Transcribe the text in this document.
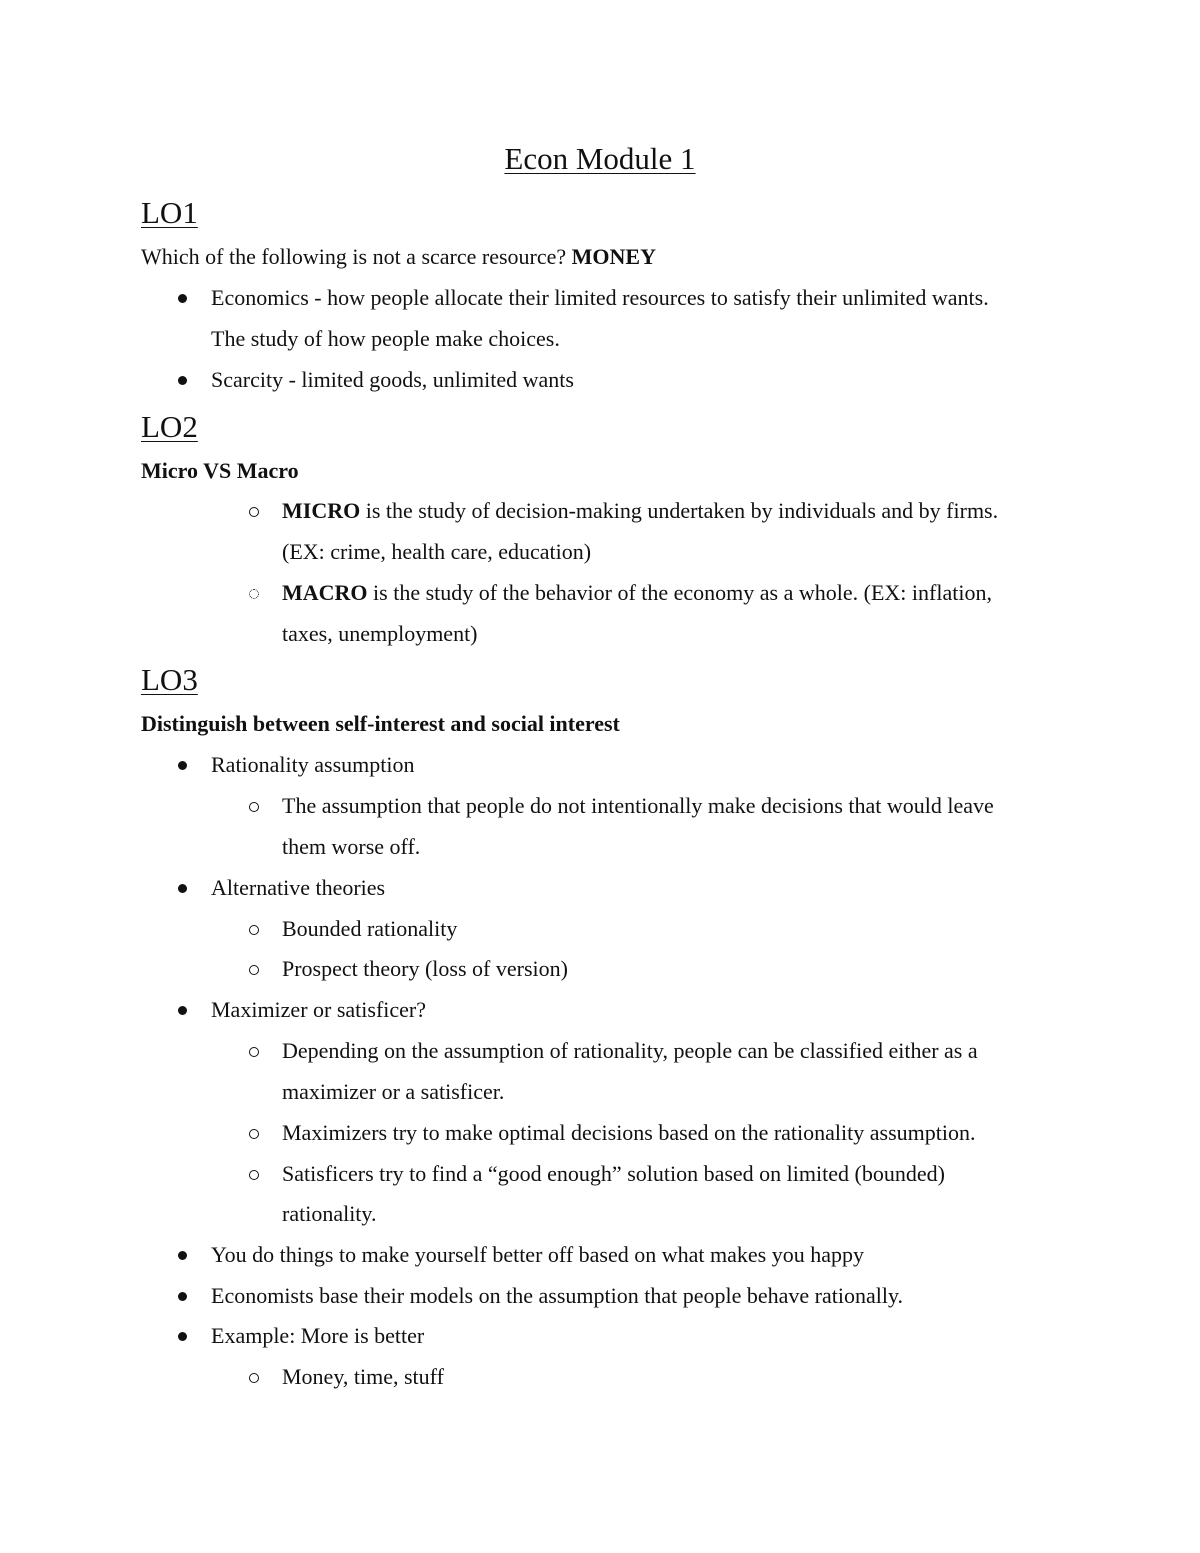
Econ Module 1
LO1
Which of the following is not a scarce resource? MONEY
Economics - how people allocate their limited resources to satisfy their unlimited wants.
The study of how people make choices.
Scarcity - limited goods, unlimited wants
LO2
Micro VS Macro
MICRO is the study of decision-making undertaken by individuals and by firms.
(EX: crime, health care, education)
MACRO is the study of the behavior of the economy as a whole. (EX: inflation,
taxes, unemployment)
LO3
Distinguish between self-interest and social interest
Rationality assumption
The assumption that people do not intentionally make decisions that would leave
them worse off.
Alternative theories
Bounded rationality
Prospect theory (loss of version)
Maximizer or satisficer?
Depending on the assumption of rationality, people can be classified either as a
maximizer or a satisficer.
Maximizers try to make optimal decisions based on the rationality assumption.
Satisficers try to find a “good enough” solution based on limited (bounded)
rationality.
You do things to make yourself better off based on what makes you happy
Economists base their models on the assumption that people behave rationally.
Example: More is better
Money, time, stuff
